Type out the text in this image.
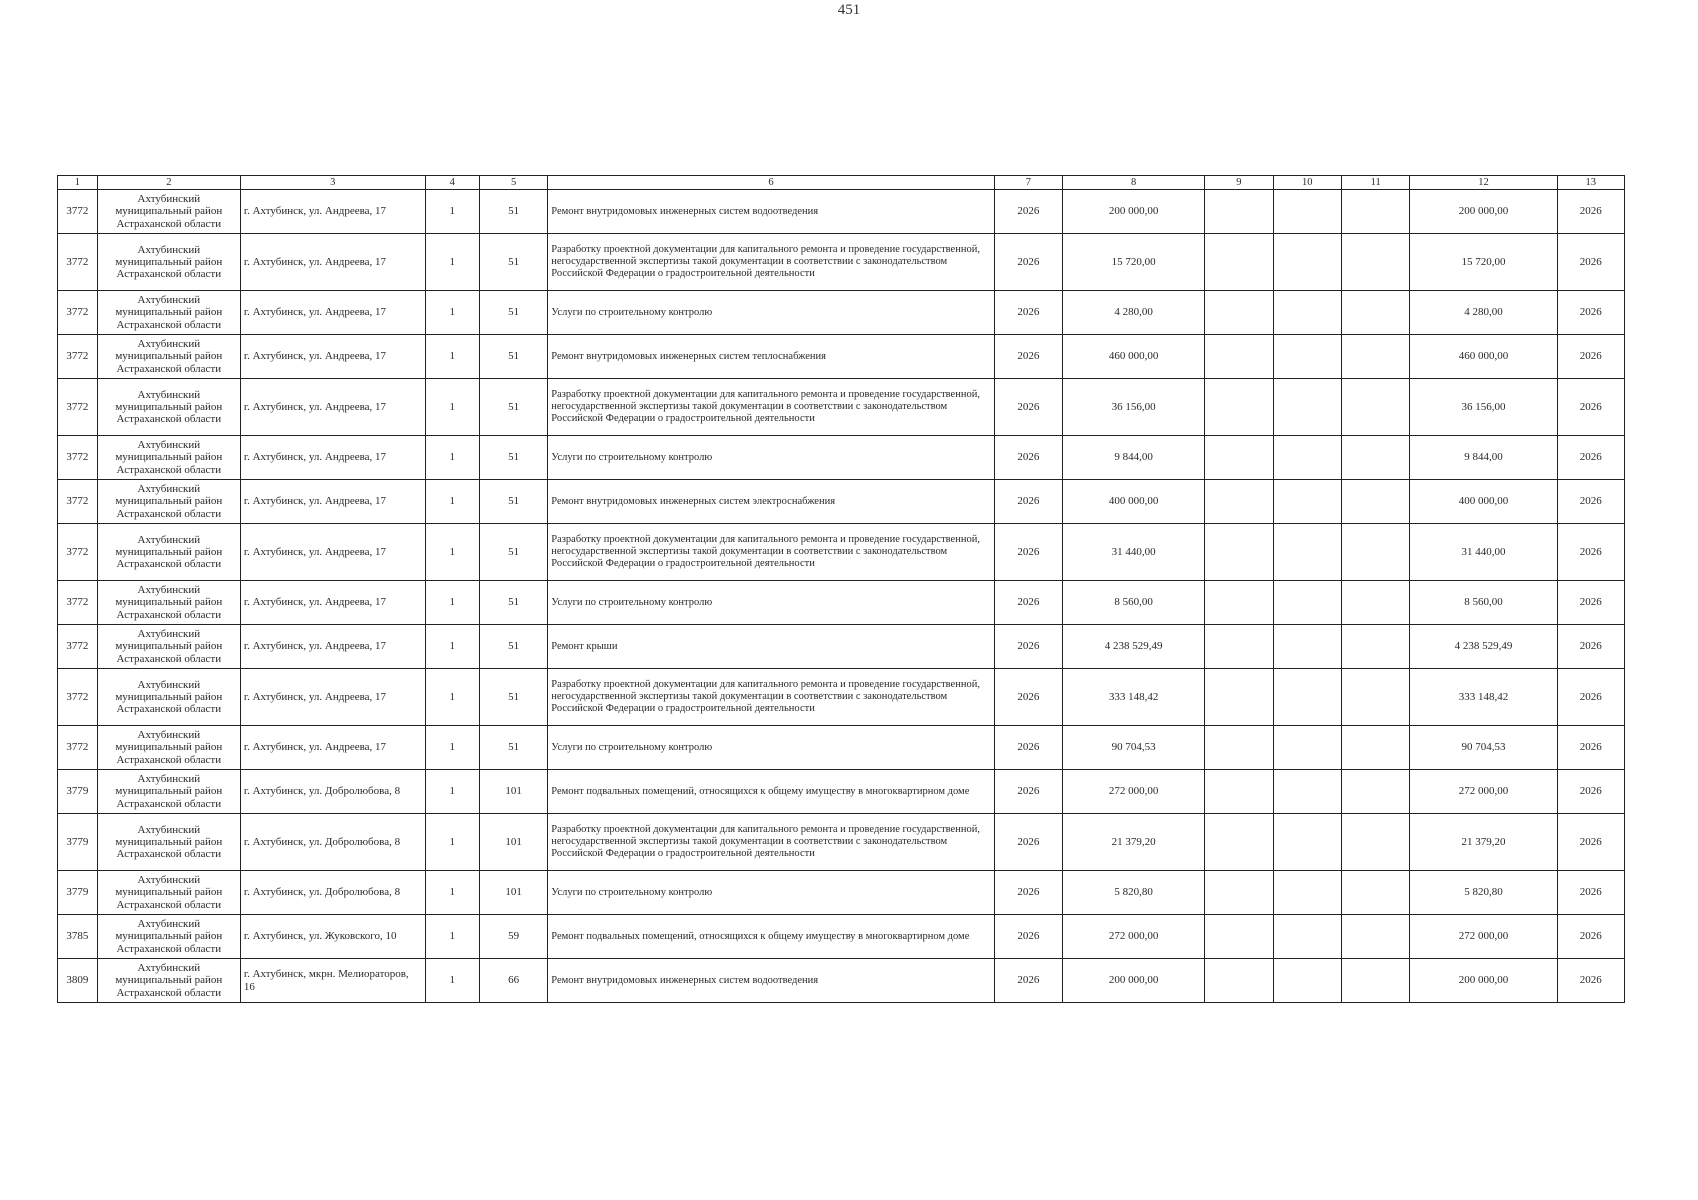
451
1	2	3	4	5	6	7	8	9	10	11	12	13
3772	Ахтубинский муниципальный район Астраханской области	г. Ахтубинск, ул. Андреева, 17	1	51	Ремонт внутридомовых инженерных систем водоотведения	2026	200 000,00				200 000,00	2026
3772	Ахтубинский муниципальный район Астраханской области	г. Ахтубинск, ул. Андреева, 17	1	51	Разработку проектной документации для капитального ремонта и проведение государственной, негосударственной экспертизы такой документации в соответствии с законодательством Российской Федерации о градостроительной деятельности	2026	15 720,00				15 720,00	2026
3772	Ахтубинский муниципальный район Астраханской области	г. Ахтубинск, ул. Андреева, 17	1	51	Услуги по строительному контролю	2026	4 280,00				4 280,00	2026
3772	Ахтубинский муниципальный район Астраханской области	г. Ахтубинск, ул. Андреева, 17	1	51	Ремонт внутридомовых инженерных систем теплоснабжения	2026	460 000,00				460 000,00	2026
3772	Ахтубинский муниципальный район Астраханской области	г. Ахтубинск, ул. Андреева, 17	1	51	Разработку проектной документации для капитального ремонта и проведение государственной, негосударственной экспертизы такой документации в соответствии с законодательством Российской Федерации о градостроительной деятельности	2026	36 156,00				36 156,00	2026
3772	Ахтубинский муниципальный район Астраханской области	г. Ахтубинск, ул. Андреева, 17	1	51	Услуги по строительному контролю	2026	9 844,00				9 844,00	2026
3772	Ахтубинский муниципальный район Астраханской области	г. Ахтубинск, ул. Андреева, 17	1	51	Ремонт внутридомовых инженерных систем электроснабжения	2026	400 000,00				400 000,00	2026
3772	Ахтубинский муниципальный район Астраханской области	г. Ахтубинск, ул. Андреева, 17	1	51	Разработку проектной документации для капитального ремонта и проведение государственной, негосударственной экспертизы такой документации в соответствии с законодательством Российской Федерации о градостроительной деятельности	2026	31 440,00				31 440,00	2026
3772	Ахтубинский муниципальный район Астраханской области	г. Ахтубинск, ул. Андреева, 17	1	51	Услуги по строительному контролю	2026	8 560,00				8 560,00	2026
3772	Ахтубинский муниципальный район Астраханской области	г. Ахтубинск, ул. Андреева, 17	1	51	Ремонт крыши	2026	4 238 529,49				4 238 529,49	2026
3772	Ахтубинский муниципальный район Астраханской области	г. Ахтубинск, ул. Андреева, 17	1	51	Разработку проектной документации для капитального ремонта и проведение государственной, негосударственной экспертизы такой документации в соответствии с законодательством Российской Федерации о градостроительной деятельности	2026	333 148,42				333 148,42	2026
3772	Ахтубинский муниципальный район Астраханской области	г. Ахтубинск, ул. Андреева, 17	1	51	Услуги по строительному контролю	2026	90 704,53				90 704,53	2026
3779	Ахтубинский муниципальный район Астраханской области	г. Ахтубинск, ул. Добролюбова, 8	1	101	Ремонт подвальных помещений, относящихся к общему имуществу в многоквартирном доме	2026	272 000,00				272 000,00	2026
3779	Ахтубинский муниципальный район Астраханской области	г. Ахтубинск, ул. Добролюбова, 8	1	101	Разработку проектной документации для капитального ремонта и проведение государственной, негосударственной экспертизы такой документации в соответствии с законодательством Российской Федерации о градостроительной деятельности	2026	21 379,20				21 379,20	2026
3779	Ахтубинский муниципальный район Астраханской области	г. Ахтубинск, ул. Добролюбова, 8	1	101	Услуги по строительному контролю	2026	5 820,80				5 820,80	2026
3785	Ахтубинский муниципальный район Астраханской области	г. Ахтубинск, ул. Жуковского, 10	1	59	Ремонт подвальных помещений, относящихся к общему имуществу в многоквартирном доме	2026	272 000,00				272 000,00	2026
3809	Ахтубинский муниципальный район Астраханской области	г. Ахтубинск, мкрн. Мелиораторов, 16	1	66	Ремонт внутридомовых инженерных систем водоотведения	2026	200 000,00				200 000,00	2026
